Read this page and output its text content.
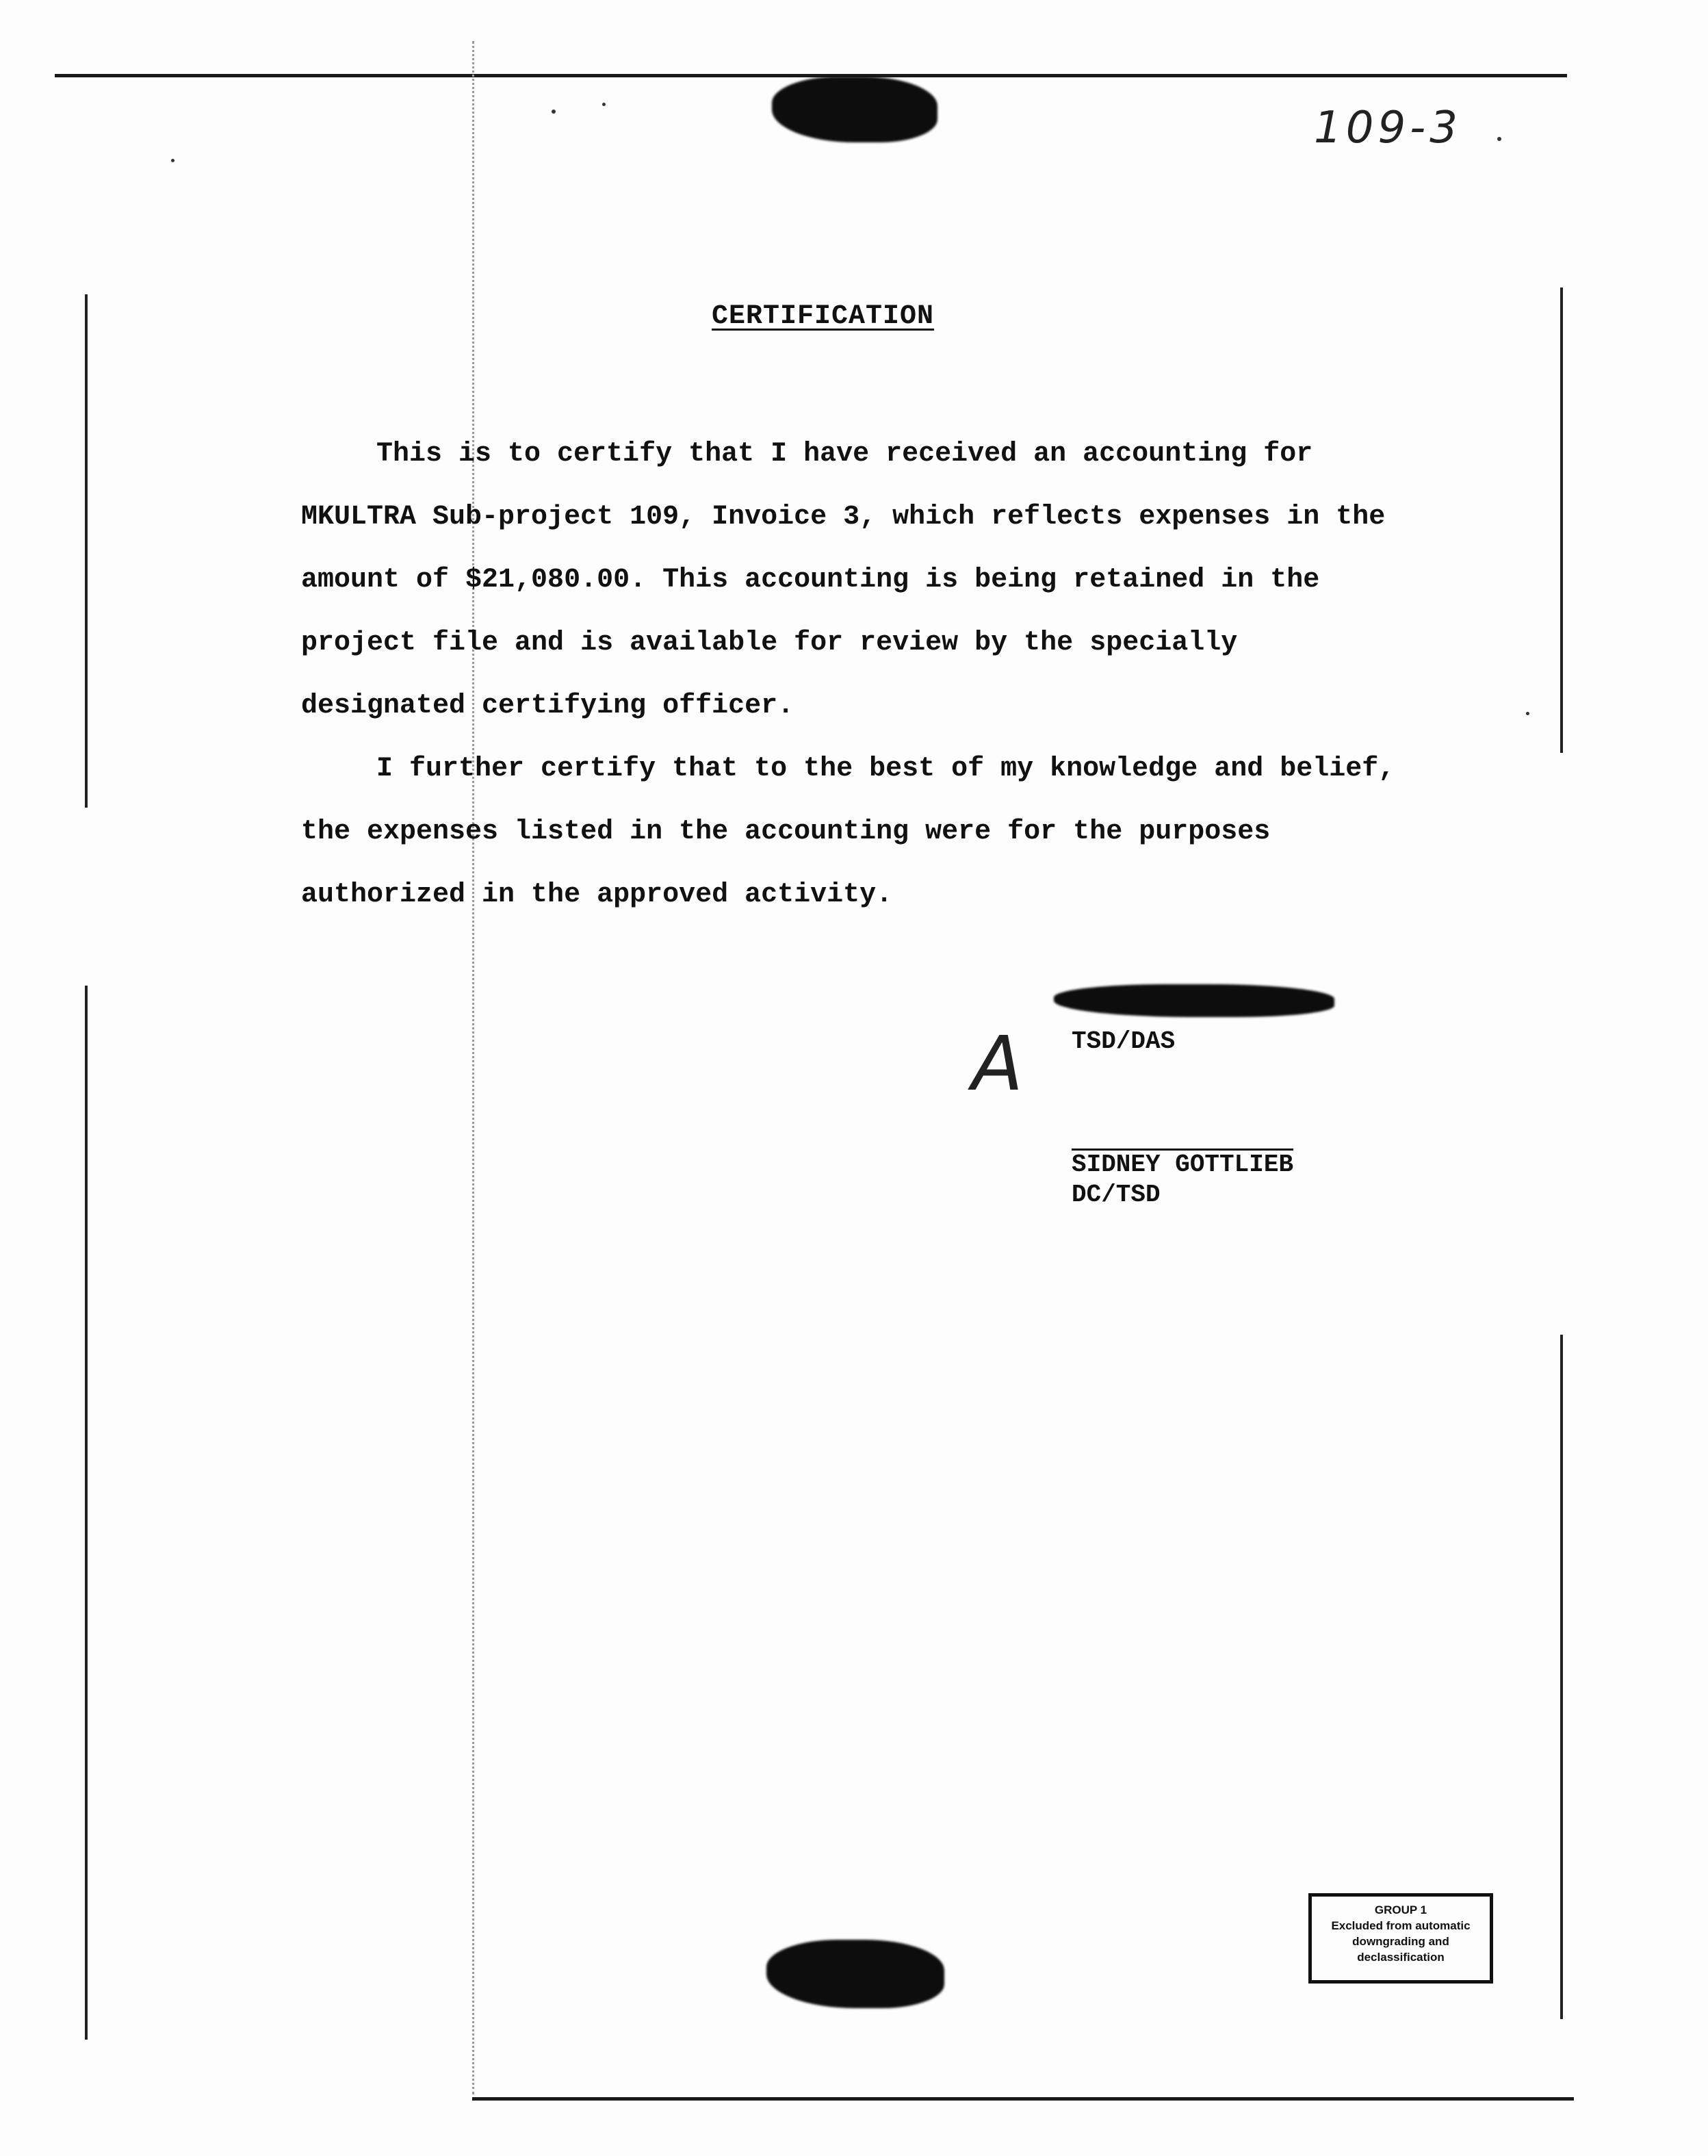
109-3
CERTIFICATION

This is to certify that I have received an accounting for MKULTRA Sub-project 109, Invoice 3, which reflects expenses in the amount of $21,080.00. This accounting is being retained in the project file and is available for review by the specially designated certifying officer.

I further certify that to the best of my knowledge and belief, the expenses listed in the accounting were for the purposes authorized in the approved activity.

A TSD/DAS
SIDNEY GOTTLIEB
DC/TSD
GROUP 1
Excluded from automatic
downgrading and
declassification
